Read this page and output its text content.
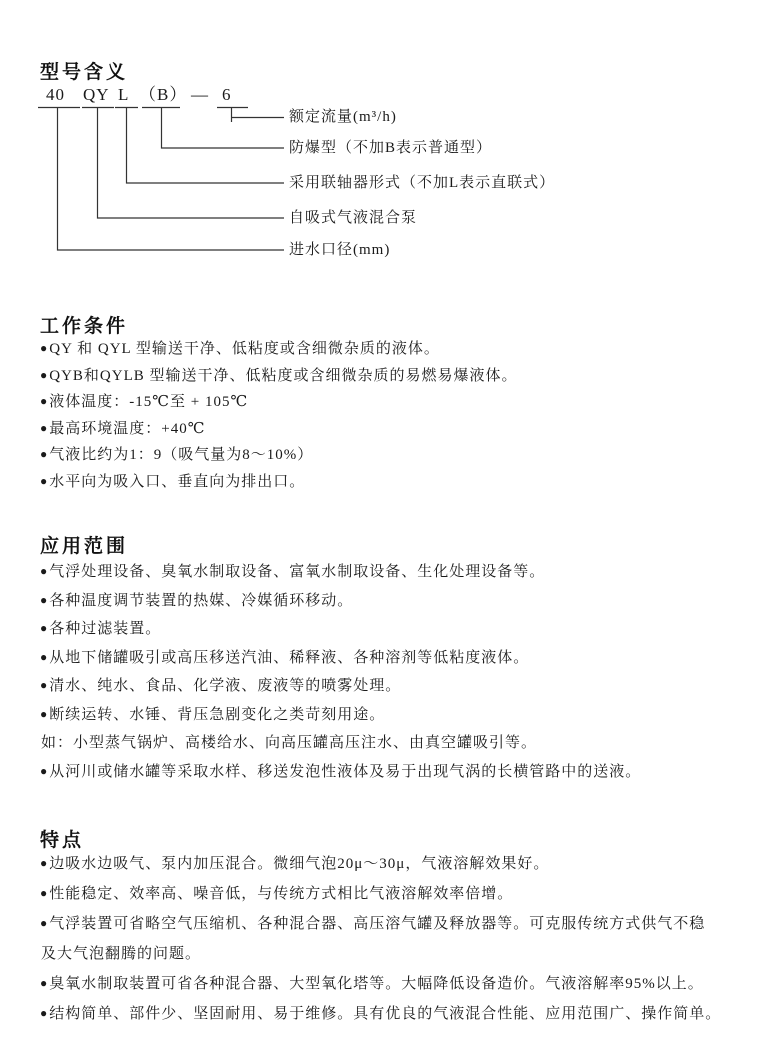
型号含义
40 QY L （B） — 6
额定流量(m³/h)
防爆型（不加B表示普通型）
采用联轴器形式（不加L表示直联式）
自吸式气液混合泵
进水口径(mm)
工作条件
●QY 和 QYL 型输送干净、低粘度或含细微杂质的液体。
●QYB和QYLB 型输送干净、低粘度或含细微杂质的易燃易爆液体。
●液体温度：-15℃至 + 105℃
●最高环境温度：+40℃
●气液比约为1：9（吸气量为8～10%）
●水平向为吸入口、垂直向为排出口。
应用范围
●气浮处理设备、臭氧水制取设备、富氧水制取设备、生化处理设备等。
●各种温度调节装置的热媒、冷媒循环移动。
●各种过滤装置。
●从地下储罐吸引或高压移送汽油、稀释液、各种溶剂等低粘度液体。
●清水、纯水、食品、化学液、废液等的喷雾处理。
●断续运转、水锤、背压急剧变化之类苛刻用途。
如：小型蒸气锅炉、高楼给水、向高压罐高压注水、由真空罐吸引等。
●从河川或储水罐等采取水样、移送发泡性液体及易于出现气涡的长横管路中的送液。
特点
●边吸水边吸气、泵内加压混合。微细气泡20μ～30μ，气液溶解效果好。
●性能稳定、效率高、噪音低，与传统方式相比气液溶解效率倍增。
●气浮装置可省略空气压缩机、各种混合器、高压溶气罐及释放器等。可克服传统方式供气不稳
及大气泡翻腾的问题。
●臭氧水制取装置可省各种混合器、大型氧化塔等。大幅降低设备造价。气液溶解率95%以上。
●结构简单、部件少、坚固耐用、易于维修。具有优良的气液混合性能、应用范围广、操作简单。
